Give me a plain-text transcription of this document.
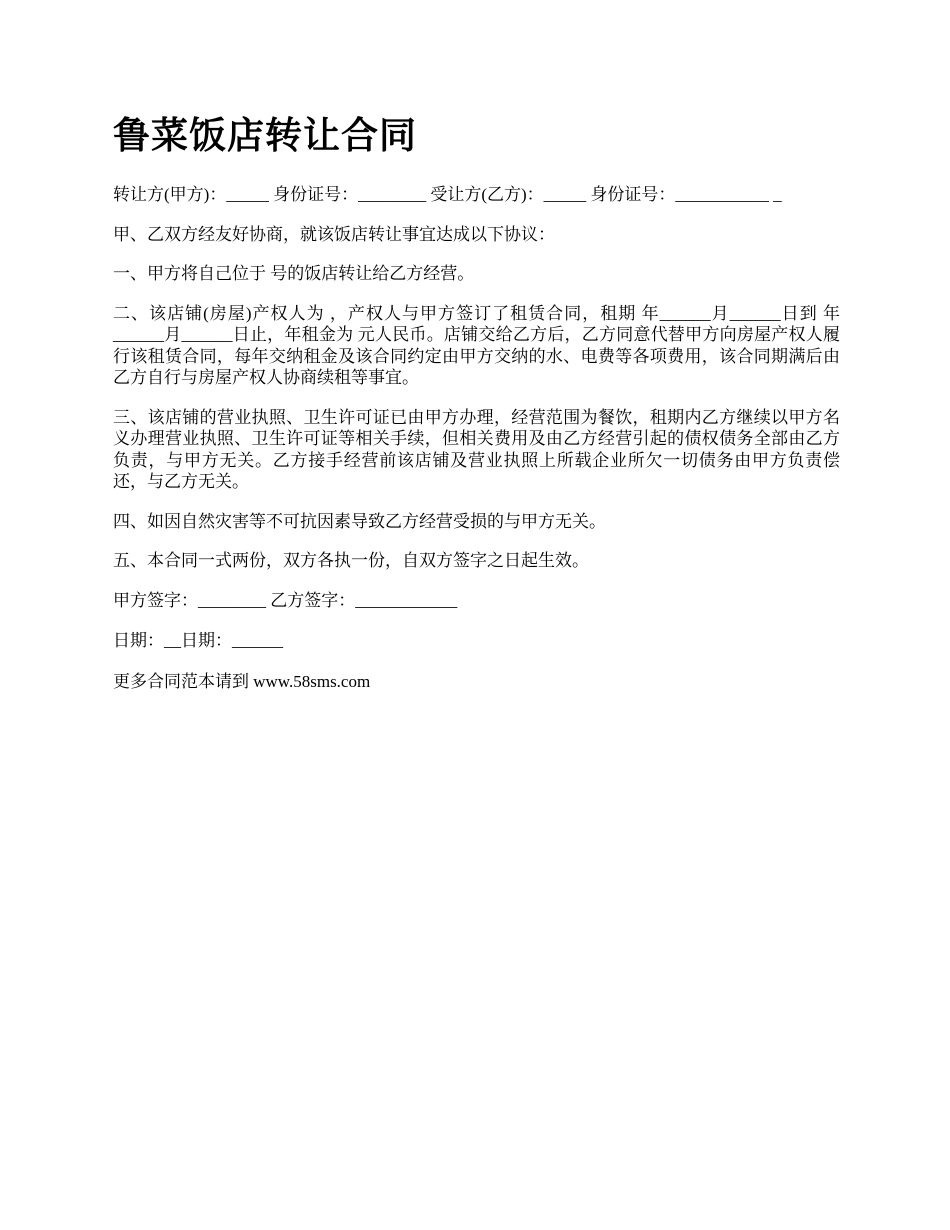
鲁菜饭店转让合同

转让方(甲方)：_____ 身份证号：________ 受让方(乙方)：_____ 身份证号：___________ _

甲、乙双方经友好协商，就该饭店转让事宜达成以下协议：

一、甲方将自己位于 号的饭店转让给乙方经营。

二、该店铺(房屋)产权人为 ，产权人与甲方签订了租赁合同，租期 年______月______日到 年______月______日止，年租金为 元人民币。店铺交给乙方后，乙方同意代替甲方向房屋产权人履行该租赁合同，每年交纳租金及该合同约定由甲方交纳的水、电费等各项费用，该合同期满后由乙方自行与房屋产权人协商续租等事宜。

三、该店铺的营业执照、卫生许可证已由甲方办理，经营范围为餐饮，租期内乙方继续以甲方名义办理营业执照、卫生许可证等相关手续，但相关费用及由乙方经营引起的债权债务全部由乙方负责，与甲方无关。乙方接手经营前该店铺及营业执照上所载企业所欠一切债务由甲方负责偿还，与乙方无关。

四、如因自然灾害等不可抗因素导致乙方经营受损的与甲方无关。

五、本合同一式两份，双方各执一份，自双方签字之日起生效。

甲方签字：________ 乙方签字：____________

日期：__日期：______

更多合同范本请到 www.58sms.com
